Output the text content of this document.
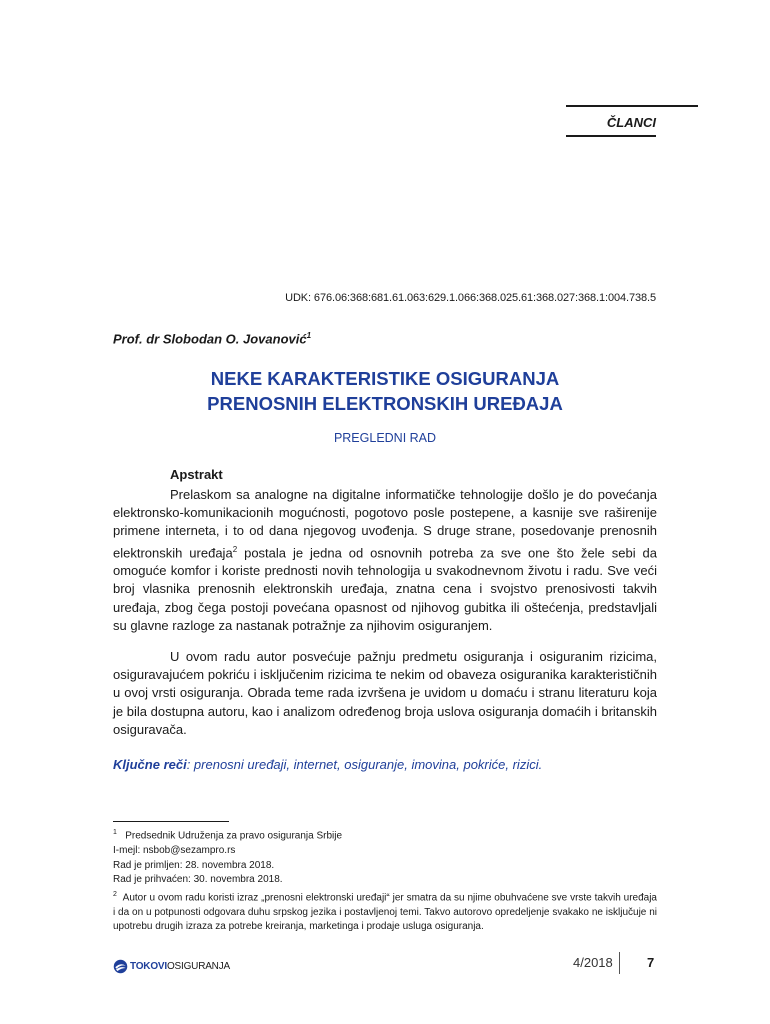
ČLANCI
UDK: 676.06:368:681.61.063:629.1.066:368.025.61:368.027:368.1:004.738.5
Prof. dr Slobodan O. Jovanović$^1$
NEKE KARAKTERISTIKE OSIGURANJA
PRENOSNIH ELEKTRONSKIH UREĐAJA
PREGLEDNI RAD
Apstrakt

Prelaskom sa analogne na digitalne informatičke tehnologije došlo je do povećanja elektronsko-komunikacionih mogućnosti, pogotovo posle postepene, a kasnije sve raširenije primene interneta, i to od dana njegovog uvođenja. S druge strane, posedovanje prenosnih elektronskih uređaja$^2$ postala je jedna od osnovnih potreba za sve one što žele sebi da omoguće komfor i koriste prednosti novih tehnologija u svakodnevnom životu i radu. Sve veći broj vlasnika prenosnih elektronskih uređaja, znatna cena i svojstvo prenosivosti takvih uređaja, zbog čega postoji povećana opasnost od njihovog gubitka ili oštećenja, predstavljali su glavne razloge za nastanak potražnje za njihovim osiguranjem.

U ovom radu autor posvećuje pažnju predmetu osiguranja i osiguranim rizicima, osiguravajućem pokriću i isključenim rizicima te nekim od obaveza osiguranika karakterističnih u ovoj vrsti osiguranja. Obrada teme rada izvršena je uvidom u domaću i stranu literaturu koja je bila dostupna autoru, kao i analizom određenog broja uslova osiguranja domaćih i britanskih osiguravača.

Ključne reči: prenosni uređaji, internet, osiguranje, imovina, pokriće, rizici.

$^1$ Predsednik Udruženja za pravo osiguranja Srbije

I-mejl: nsbob@sezampro.rs

Rad je primljen: 28. novembra 2018.

Rad je prihvaćen: 30. novembra 2018.

$^2$ Autor u ovom radu koristi izraz „prenosni elektronski uređaji“ jer smatra da su njime obuhvaćene sve vrste takvih uređaja i da on u potpunosti odgovara duhu srpskog jezika i postavljenoj temi. Takvo autorovo opredeljenje svakako ne isključuje ni upotrebu drugih izraza za potrebe kreiranja, marketinga i prodaje usluga osiguranja.

TOKOVIOSIGURANJA	4/2018	7
